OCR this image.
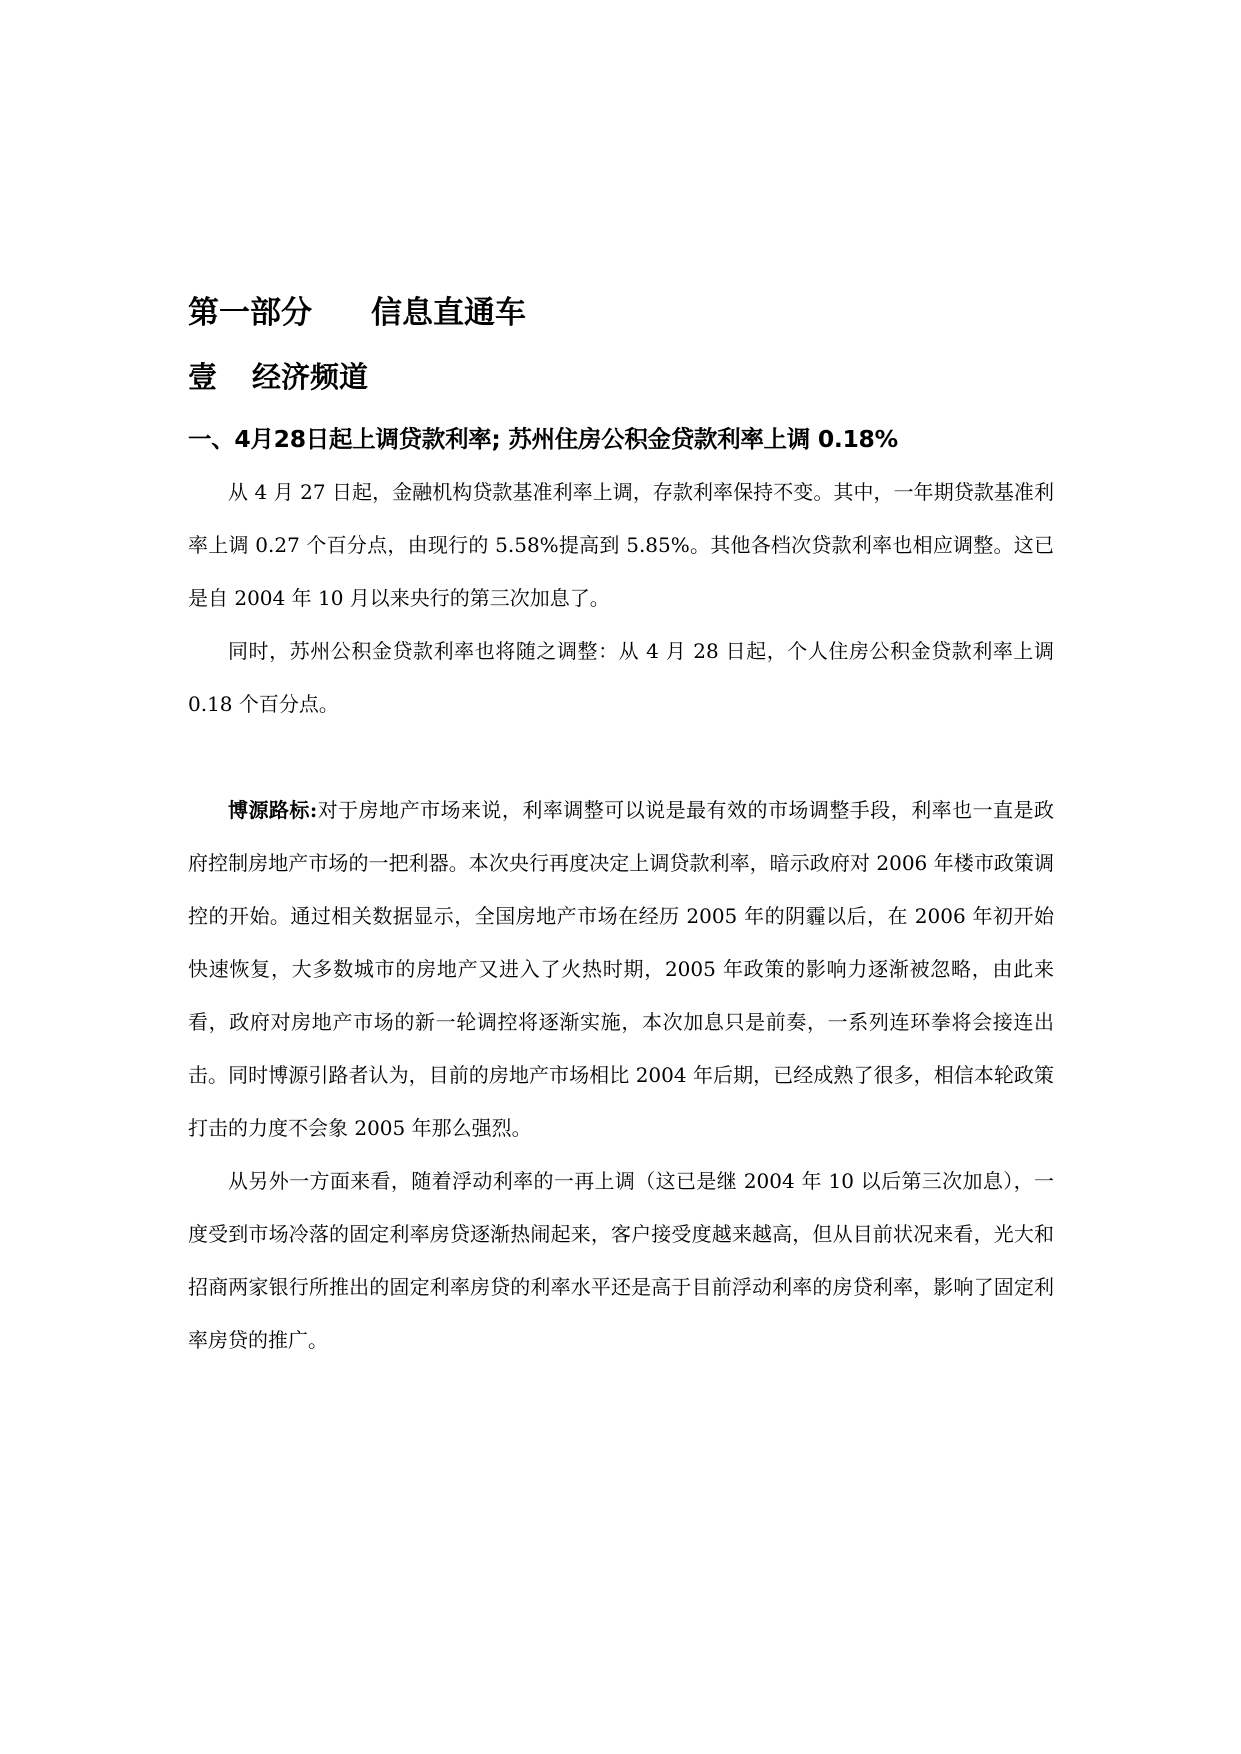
第一部分	信息直通车
壹	经济频道
一、4月28日起上调贷款利率; 苏州住房公积金贷款利率上调 0.18%

从 4 月 27 日起，金融机构贷款基准利率上调，存款利率保持不变。其中，一年期贷款基准利率上调 0.27 个百分点，由现行的 5.58%提高到 5.85%。其他各档次贷款利率也相应调整。这已是自 2004 年 10 月以来央行的第三次加息了。

同时，苏州公积金贷款利率也将随之调整：从 4 月 28 日起，个人住房公积金贷款利率上调 0.18 个百分点。

博源路标:对于房地产市场来说，利率调整可以说是最有效的市场调整手段，利率也一直是政府控制房地产市场的一把利器。本次央行再度决定上调贷款利率，暗示政府对 2006 年楼市政策调控的开始。通过相关数据显示，全国房地产市场在经历 2005 年的阴霾以后，在 2006 年初开始快速恢复，大多数城市的房地产又进入了火热时期，2005 年政策的影响力逐渐被忽略，由此来看，政府对房地产市场的新一轮调控将逐渐实施，本次加息只是前奏，一系列连环拳将会接连出击。同时博源引路者认为，目前的房地产市场相比 2004 年后期，已经成熟了很多，相信本轮政策打击的力度不会象 2005 年那么强烈。

从另外一方面来看，随着浮动利率的一再上调（这已是继 2004 年 10 以后第三次加息），一度受到市场冷落的固定利率房贷逐渐热闹起来，客户接受度越来越高，但从目前状况来看，光大和招商两家银行所推出的固定利率房贷的利率水平还是高于目前浮动利率的房贷利率，影响了固定利率房贷的推广。
